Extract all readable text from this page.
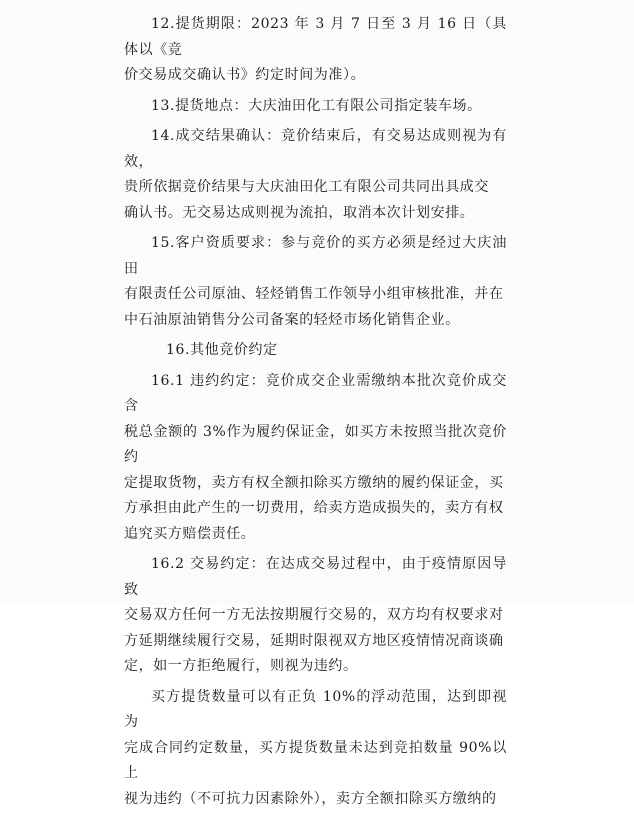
12.提货期限：2023 年 3 月 7 日至 3 月 16 日（具体以《竞
价交易成交确认书》约定时间为准）。

13.提货地点：大庆油田化工有限公司指定装车场。

14.成交结果确认：竞价结束后，有交易达成则视为有效，
贵所依据竞价结果与大庆油田化工有限公司共同出具成交
确认书。无交易达成则视为流拍，取消本次计划安排。

15.客户资质要求：参与竞价的买方必须是经过大庆油田
有限责任公司原油、轻烃销售工作领导小组审核批准，并在
中石油原油销售分公司备案的轻烃市场化销售企业。

16.其他竞价约定

16.1 违约约定：竞价成交企业需缴纳本批次竞价成交含
税总金额的 3%作为履约保证金，如买方未按照当批次竞价约
定提取货物，卖方有权全额扣除买方缴纳的履约保证金，买
方承担由此产生的一切费用，给卖方造成损失的，卖方有权
追究买方赔偿责任。

16.2 交易约定：在达成交易过程中，由于疫情原因导致
交易双方任何一方无法按期履行交易的，双方均有权要求对
方延期继续履行交易，延期时限视双方地区疫情情况商谈确
定，如一方拒绝履行，则视为违约。

买方提货数量可以有正负 10%的浮动范围，达到即视为
完成合同约定数量，买方提货数量未达到竞拍数量 90%以上
视为违约（不可抗力因素除外），卖方全额扣除买方缴纳的
